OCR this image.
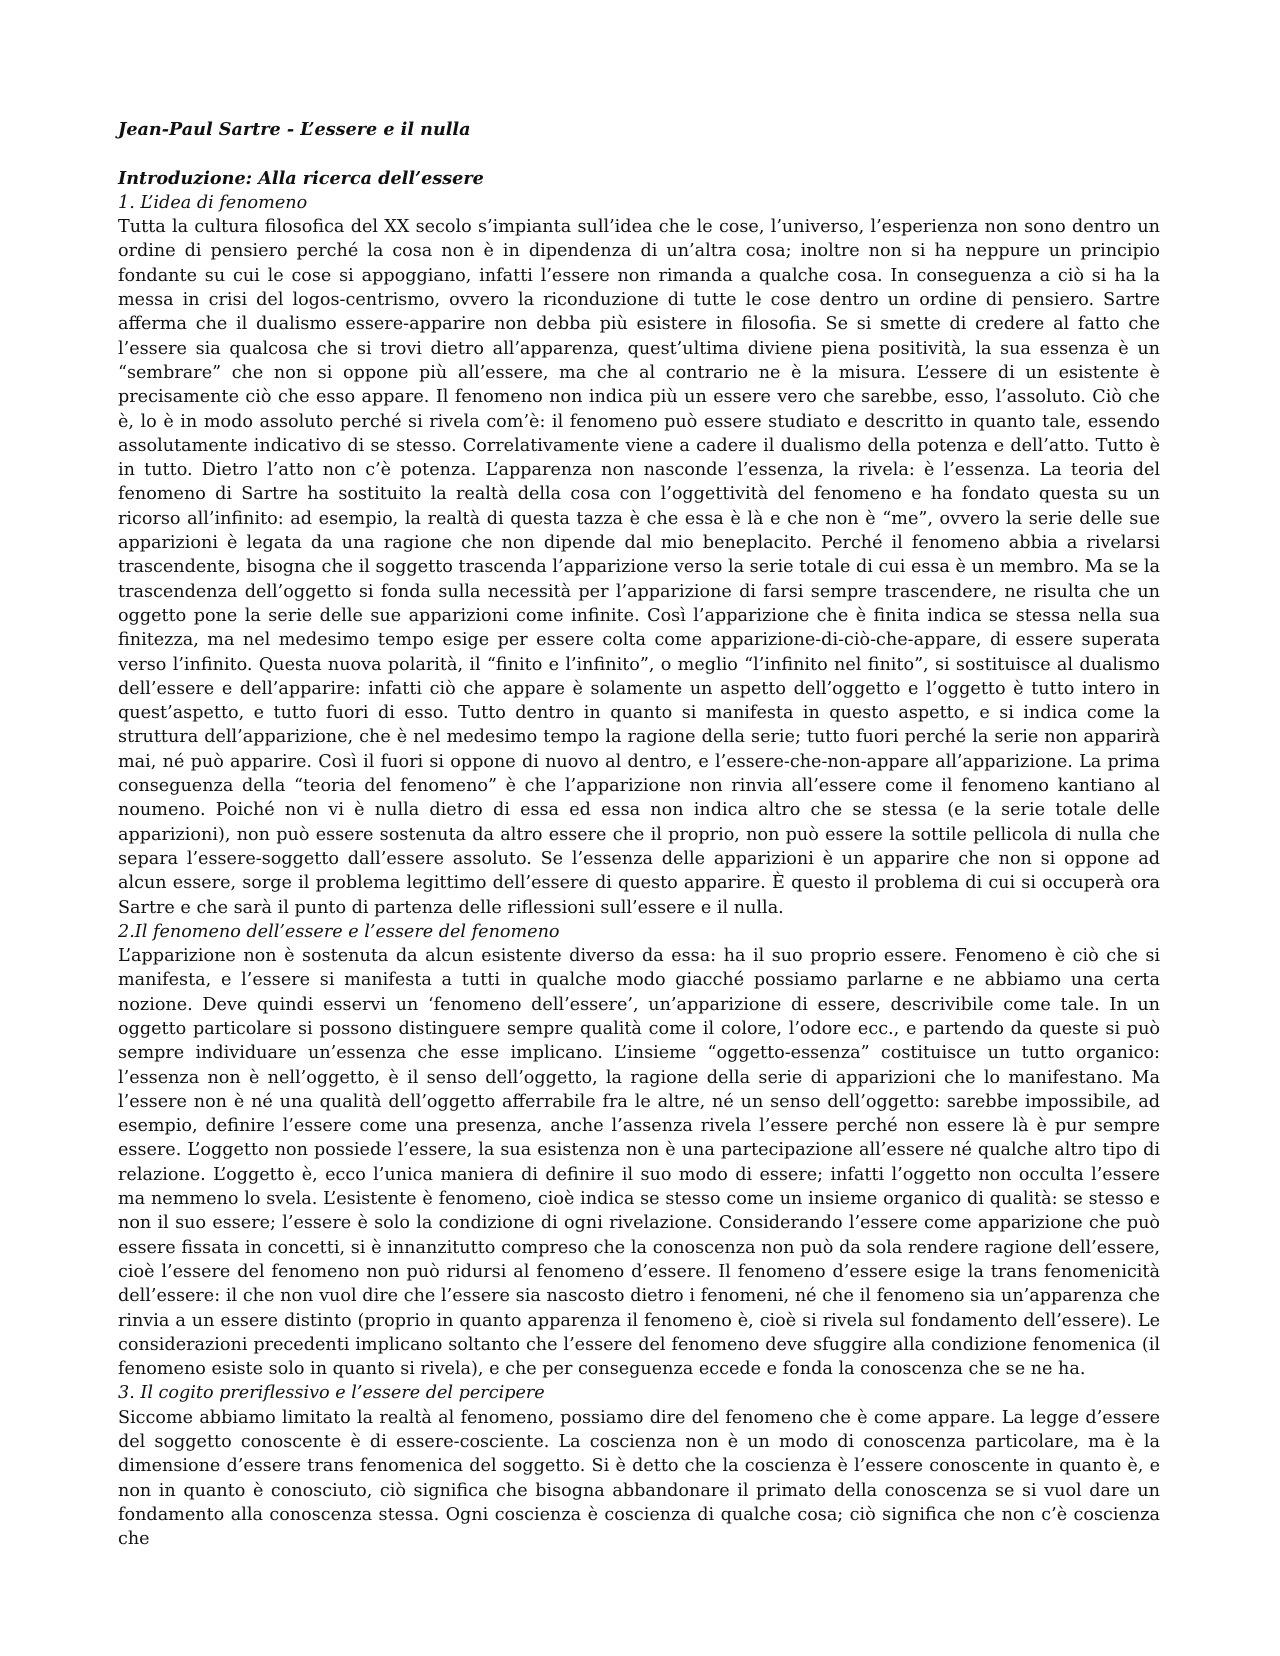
Jean-Paul Sartre - L’essere e il nulla

Introduzione: Alla ricerca dell’essere

1. L’idea di fenomeno

Tutta la cultura filosofica del XX secolo s’impianta sull’idea che le cose, l’universo, l’esperienza non sono dentro un ordine di pensiero perché la cosa non è in dipendenza di un’altra cosa; inoltre non si ha neppure un principio fondante su cui le cose si appoggiano, infatti l’essere non rimanda a qualche cosa. In conseguenza a ciò si ha la messa in crisi del logos-centrismo, ovvero la riconduzione di tutte le cose dentro un ordine di pensiero. Sartre afferma che il dualismo essere-apparire non debba più esistere in filosofia. Se si smette di credere al fatto che l’essere sia qualcosa che si trovi dietro all’apparenza, quest’ultima diviene piena positività, la sua essenza è un “sembrare” che non si oppone più all’essere, ma che al contrario ne è la misura. L’essere di un esistente è precisamente ciò che esso appare. Il fenomeno non indica più un essere vero che sarebbe, esso, l’assoluto. Ciò che è, lo è in modo assoluto perché si rivela com’è: il fenomeno può essere studiato e descritto in quanto tale, essendo assolutamente indicativo di se stesso. Correlativamente viene a cadere il dualismo della potenza e dell’atto. Tutto è in tutto. Dietro l’atto non c’è potenza. L’apparenza non nasconde l’essenza, la rivela: è l’essenza. La teoria del fenomeno di Sartre ha sostituito la realtà della cosa con l’oggettività del fenomeno e ha fondato questa su un ricorso all’infinito: ad esempio, la realtà di questa tazza è che essa è là e che non è “me”, ovvero la serie delle sue apparizioni è legata da una ragione che non dipende dal mio beneplacito. Perché il fenomeno abbia a rivelarsi trascendente, bisogna che il soggetto trascenda l’apparizione verso la serie totale di cui essa è un membro. Ma se la trascendenza dell’oggetto si fonda sulla necessità per l’apparizione di farsi sempre trascendere, ne risulta che un oggetto pone la serie delle sue apparizioni come infinite. Così l’apparizione che è finita indica se stessa nella sua finitezza, ma nel medesimo tempo esige per essere colta come apparizione-di-ciò-che-appare, di essere superata verso l’infinito. Questa nuova polarità, il “finito e l’infinito”, o meglio “l’infinito nel finito”, si sostituisce al dualismo dell’essere e dell’apparire: infatti ciò che appare è solamente un aspetto dell’oggetto e l’oggetto è tutto intero in quest’aspetto, e tutto fuori di esso. Tutto dentro in quanto si manifesta in questo aspetto, e si indica come la struttura dell’apparizione, che è nel medesimo tempo la ragione della serie; tutto fuori perché la serie non apparirà mai, né può apparire. Così il fuori si oppone di nuovo al dentro, e l’essere-che-non-appare all’apparizione. La prima conseguenza della “teoria del fenomeno” è che l’apparizione non rinvia all’essere come il fenomeno kantiano al noumeno. Poiché non vi è nulla dietro di essa ed essa non indica altro che se stessa (e la serie totale delle apparizioni), non può essere sostenuta da altro essere che il proprio, non può essere la sottile pellicola di nulla che separa l’essere-soggetto dall’essere assoluto. Se l’essenza delle apparizioni è un apparire che non si oppone ad alcun essere, sorge il problema legittimo dell’essere di questo apparire. È questo il problema di cui si occuperà ora Sartre e che sarà il punto di partenza delle riflessioni sull’essere e il nulla.

2.Il fenomeno dell’essere e l’essere del fenomeno

L’apparizione non è sostenuta da alcun esistente diverso da essa: ha il suo proprio essere. Fenomeno è ciò che si manifesta, e l’essere si manifesta a tutti in qualche modo giacché possiamo parlarne e ne abbiamo una certa nozione. Deve quindi esservi un ‘fenomeno dell’essere’, un’apparizione di essere, descrivibile come tale. In un oggetto particolare si possono distinguere sempre qualità come il colore, l’odore ecc., e partendo da queste si può sempre individuare un’essenza che esse implicano. L’insieme “oggetto-essenza” costituisce un tutto organico: l’essenza non è nell’oggetto, è il senso dell’oggetto, la ragione della serie di apparizioni che lo manifestano. Ma l’essere non è né una qualità dell’oggetto afferrabile fra le altre, né un senso dell’oggetto: sarebbe impossibile, ad esempio, definire l’essere come una presenza, anche l’assenza rivela l’essere perché non essere là è pur sempre essere. L’oggetto non possiede l’essere, la sua esistenza non è una partecipazione all’essere né qualche altro tipo di relazione. L’oggetto è, ecco l’unica maniera di definire il suo modo di essere; infatti l’oggetto non occulta l’essere ma nemmeno lo svela. L’esistente è fenomeno, cioè indica se stesso come un insieme organico di qualità: se stesso e non il suo essere; l’essere è solo la condizione di ogni rivelazione. Considerando l’essere come apparizione che può essere fissata in concetti, si è innanzitutto compreso che la conoscenza non può da sola rendere ragione dell’essere, cioè l’essere del fenomeno non può ridursi al fenomeno d’essere. Il fenomeno d’essere esige la trans fenomenicità dell’essere: il che non vuol dire che l’essere sia nascosto dietro i fenomeni, né che il fenomeno sia un’apparenza che rinvia a un essere distinto (proprio in quanto apparenza il fenomeno è, cioè si rivela sul fondamento dell’essere). Le considerazioni precedenti implicano soltanto che l’essere del fenomeno deve sfuggire alla condizione fenomenica (il fenomeno esiste solo in quanto si rivela), e che per conseguenza eccede e fonda la conoscenza che se ne ha.

3. Il cogito preriflessivo e l’essere del percipere

Siccome abbiamo limitato la realtà al fenomeno, possiamo dire del fenomeno che è come appare. La legge d’essere del soggetto conoscente è di essere-cosciente. La coscienza non è un modo di conoscenza particolare, ma è la dimensione d’essere trans fenomenica del soggetto. Si è detto che la coscienza è l’essere conoscente in quanto è, e non in quanto è conosciuto, ciò significa che bisogna abbandonare il primato della conoscenza se si vuol dare un fondamento alla conoscenza stessa. Ogni coscienza è coscienza di qualche cosa; ciò significa che non c’è coscienza che
